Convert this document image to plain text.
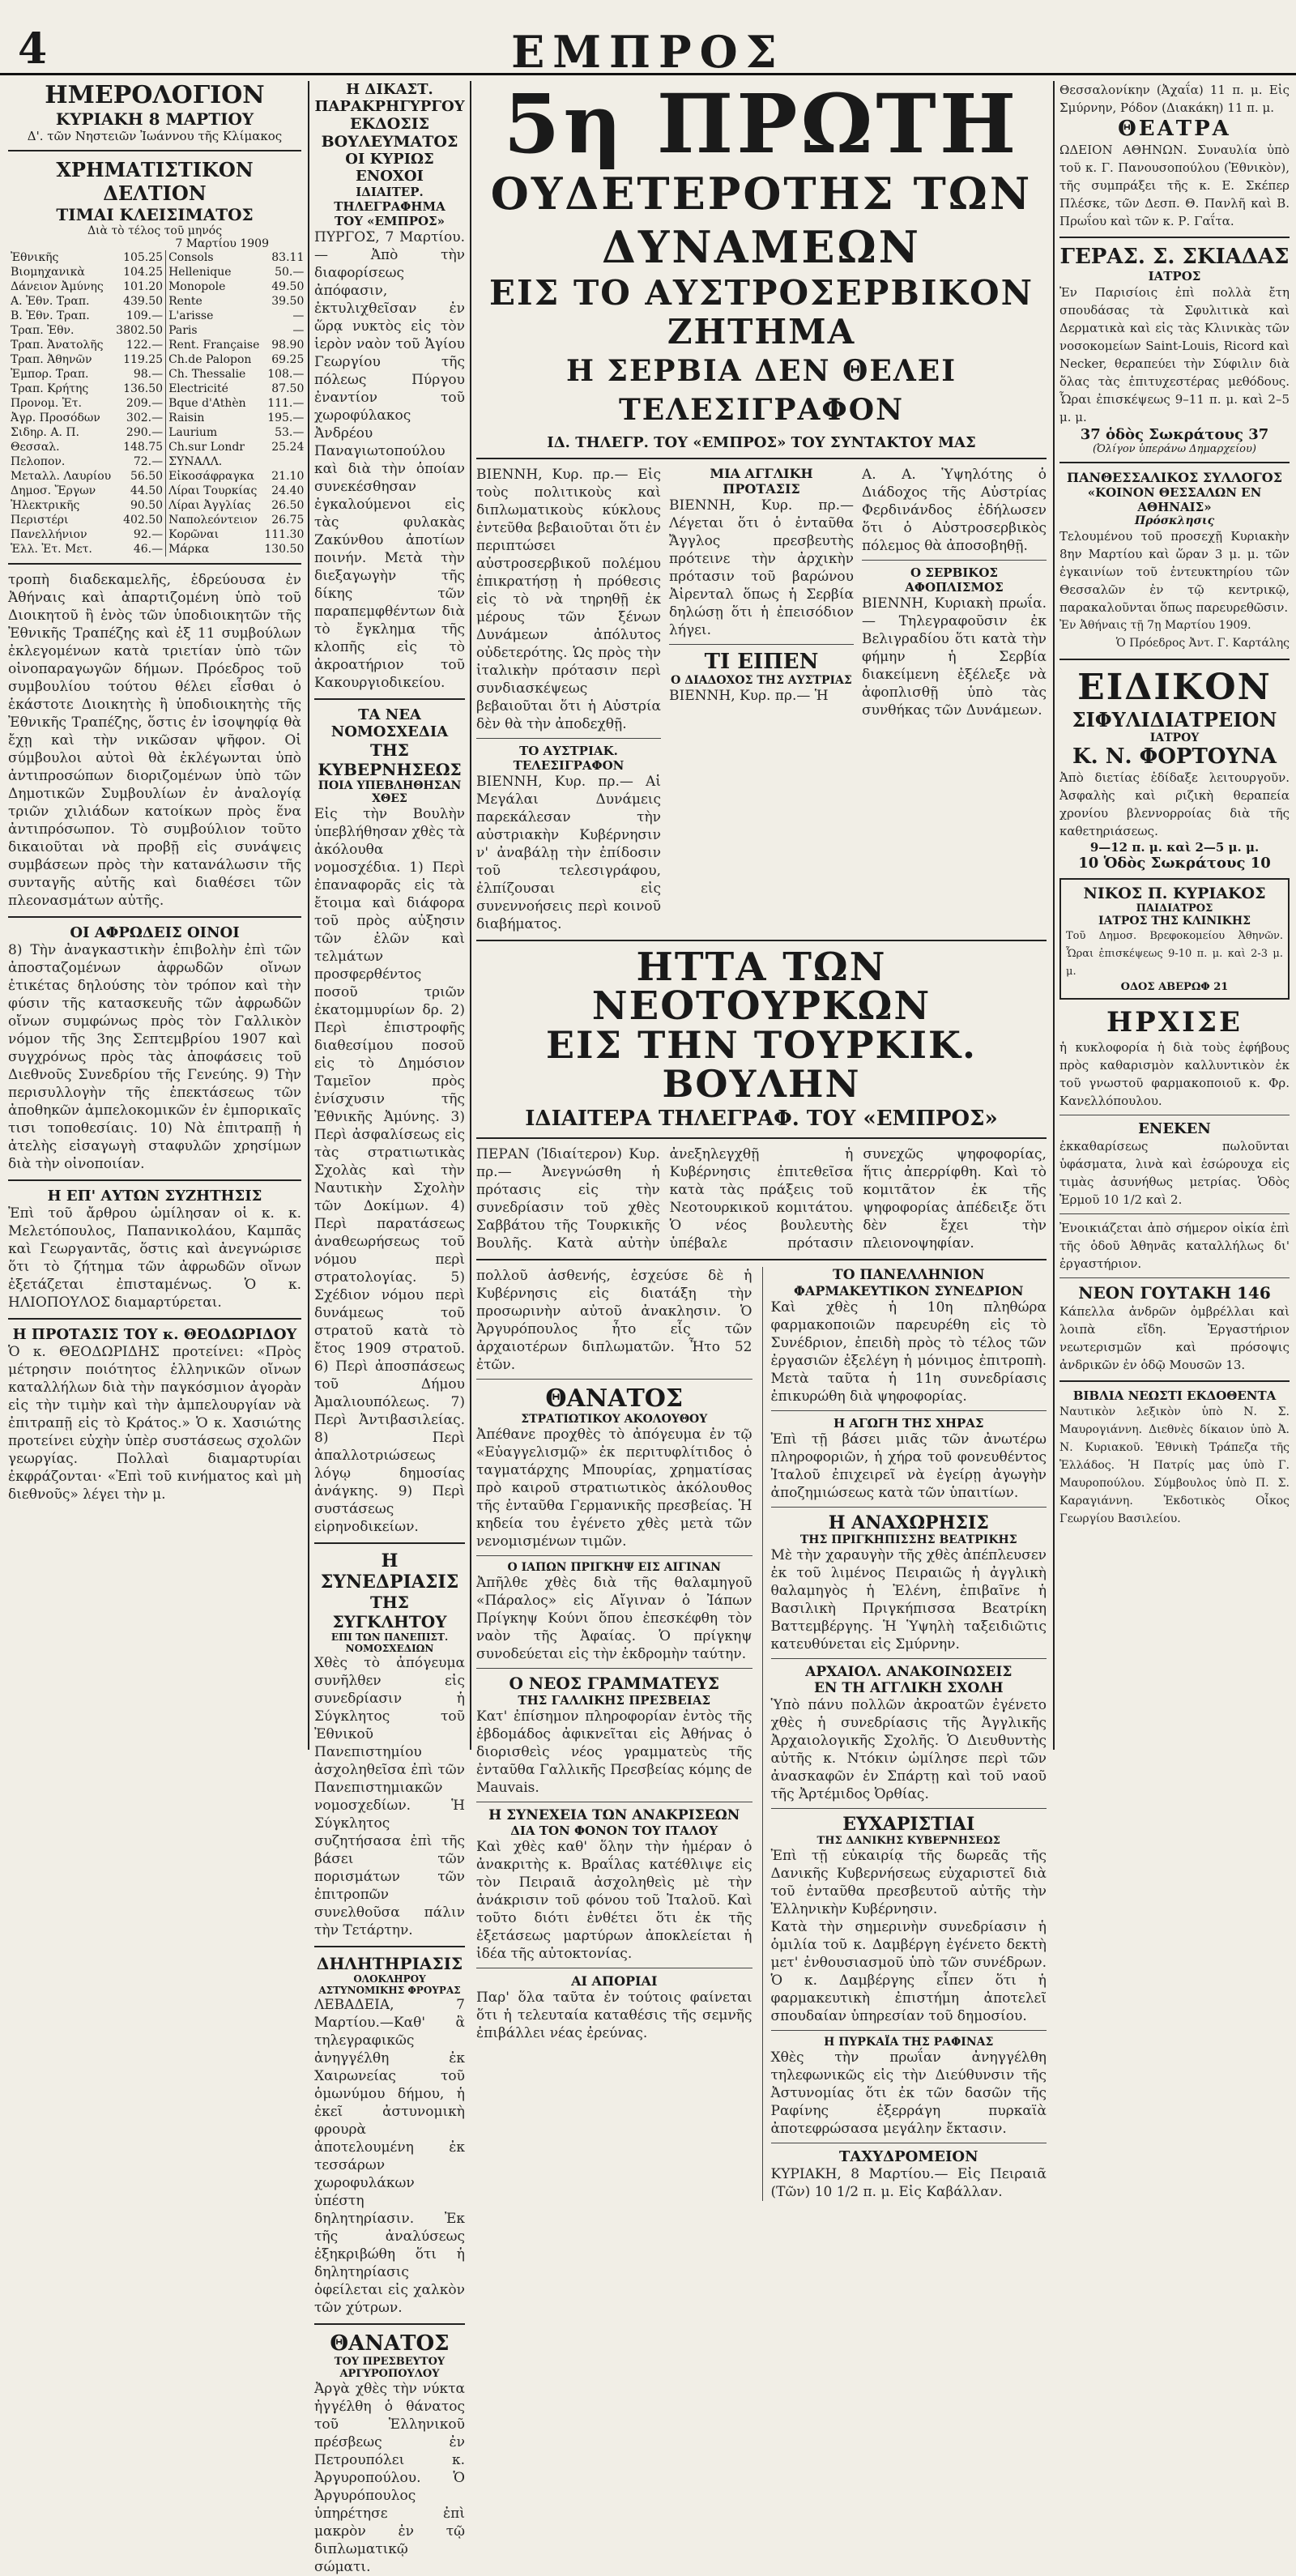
4	ΕΜΠΡΟΣ
ΗΜΕΡΟΛΟΓΙΟΝ
ΚΥΡΙΑΚΗ 8 ΜΑΡΤΙΟΥ
Δ'. τῶν Νηστειῶν Ἰωάννου τῆς Κλίμακος
ΧΡΗΜΑΤΙΣΤΙΚΟΝ ΔΕΛΤΙΟΝ
ΤΙΜΑΙ ΚΛΕΙΣΙΜΑΤΟΣ
Διὰ τὸ τέλος τοῦ μηνός
7 Μαρτίου 1909
Ἐθνικῆς	105.25	Consols	83.11
Βιομηχανικὰ	104.25	Hellenique	50.—
Δάνειον Ἀμύνης	101.20	Monopole	49.50
Α. Ἐθν. Τραπ.	439.50	Rente	39.50
Β. Ἐθν. Τραπ.	109.—	L'arisse	—
Τραπ. Ἐθν.	3802.50	Paris	—
Τραπ. Ἀνατολῆς	122.—	Rent. Française	98.90
Τραπ. Ἀθηνῶν	119.25	Ch.de Palopon	69.25
Ἐμπορ. Τραπ.	98.—	Ch. Thessalie	108.—
Τραπ. Κρήτης	136.50	Electricité	87.50
Προνομ. Ἐτ.	209.—	Bque d'Athèn	111.—
Ἀγρ. Προσόδων	302.—	Raisin	195.—
Σιδηρ. Α. Π.	290.—	Laurium	53.—
Θεσσαλ.	148.75	Ch.sur Londr	25.24
Πελοπον.	72.—	ΣΥΝΑΛΛ.	
Μεταλλ. Λαυρίου	56.50	Εἰκοσάφραγκα	21.10
Δημοσ. Ἔργων	44.50	Λίραι Τουρκίας	24.40
Ἠλεκτρικῆς	90.50	Λίραι Ἀγγλίας	26.50
Περιστέρι	402.50	Ναπολεόντειον	26.75
Πανελλήνιον	92.—	Κορῶναι	111.30
Ἑλλ. Ἐτ. Μετ.	46.—	Μάρκα	130.50
τροπὴ διαδεκαμελῆς, ἑδρεύουσα ἐν Ἀθήναις καὶ ἀπαρτιζομένη ὑπὸ τοῦ Διοικητοῦ ἢ ἑνὸς τῶν ὑποδιοικητῶν τῆς Ἐθνικῆς Τραπέζης καὶ ἐξ 11 συμβούλων ἐκλεγομένων κατὰ τριετίαν ὑπὸ τῶν οἰνοπαραγωγῶν δήμων. Πρόεδρος τοῦ συμβουλίου τούτου θέλει εἶσθαι ὁ ἑκάστοτε Διοικητὴς ἢ ὑποδιοικητὴς τῆς Ἐθνικῆς Τραπέζης, ὅστις ἐν ἰσοψηφίᾳ θὰ ἔχῃ καὶ τὴν νικῶσαν ψῆφον. Οἱ σύμβουλοι αὐτοὶ θὰ ἐκλέγωνται ὑπὸ ἀντιπροσώπων διοριζομένων ὑπὸ τῶν Δημοτικῶν Συμβουλίων ἐν ἀναλογίᾳ τριῶν χιλιάδων κατοίκων πρὸς ἕνα ἀντιπρόσωπον. Τὸ συμβούλιον τοῦτο δικαιοῦται νὰ προβῇ εἰς συνάψεις συμβάσεων πρὸς τὴν κατανάλωσιν τῆς συνταγῆς αὐτῆς καὶ διαθέσει τῶν πλεονασμάτων αὐτῆς.
ΟΙ ΑΦΡΩΔΕΙΣ ΟΙΝΟΙ
8) Τὴν ἀναγκαστικὴν ἐπιβολὴν ἐπὶ τῶν ἀποσταζομένων ἀφρωδῶν οἴνων ἐτικέτας δηλούσης τὸν τρόπον καὶ τὴν φύσιν τῆς κατασκευῆς τῶν ἀφρωδῶν οἴνων συμφώνως πρὸς τὸν Γαλλικὸν νόμον τῆς 3ης Σεπτεμβρίου 1907 καὶ συγχρόνως πρὸς τὰς ἀποφάσεις τοῦ Διεθνοῦς Συνεδρίου τῆς Γενεύης. 9) Τὴν περισυλλογὴν τῆς ἐπεκτάσεως τῶν ἀποθηκῶν ἀμπελοκομικῶν ἐν ἐμπορικαῖς τισι τοποθεσίαις. 10) Νὰ ἐπιτραπῇ ἡ ἀτελὴς εἰσαγωγὴ σταφυλῶν χρησίμων διὰ τὴν οἰνοποιίαν.
Η ΕΠ' ΑΥΤΩΝ ΣΥΖΗΤΗΣΙΣ
Ἐπὶ τοῦ ἄρθρου ὡμίλησαν οἱ κ. κ. Μελετόπουλος, Παπανικολάου, Καμπᾶς καὶ Γεωργαντᾶς, ὅστις καὶ ἀνεγνώρισε ὅτι τὸ ζήτημα τῶν ἀφρωδῶν οἴνων ἐξετάζεται ἐπισταμένως. Ὁ κ. ΗΛΙΟΠΟΥΛΟΣ διαμαρτύρεται.
Η ΠΡΟΤΑΣΙΣ ΤΟΥ κ. ΘΕΟΔΩΡΙΔΟΥ
Ὁ κ. ΘΕΟΔΩΡΙΔΗΣ προτείνει: «Πρὸς μέτρησιν ποιότητος ἑλληνικῶν οἴνων καταλλήλων διὰ τὴν παγκόσμιον ἀγορὰν εἰς τὴν τιμὴν καὶ τὴν ἀμπελουργίαν νὰ ἐπιτραπῇ εἰς τὸ Κράτος.» Ὁ κ. Χασιώτης προτείνει εὐχὴν ὑπὲρ συστάσεως σχολῶν γεωργίας. Πολλαὶ διαμαρτυρίαι ἐκφράζονται· «Ἐπὶ τοῦ κινήματος καὶ μὴ διεθνοῦς» λέγει τὴν μ.
Η ΔΙΚΑΣΤ. ΠΑΡΑΚΡΗΓΥΡΓΟΥ
ΕΚΔΟΣΙΣ ΒΟΥΛΕΥΜΑΤΟΣ
ΟΙ ΚΥΡΙΩΣ ΕΝΟΧΟΙ
ΙΔΙΑΙΤΕΡ. ΤΗΛΕΓΡΑΦΗΜΑ
ΤΟΥ «ΕΜΠΡΟΣ»
ΠΥΡΓΟΣ, 7 Μαρτίου.— Ἀπὸ τὴν διαφορίσεως ἀπόφασιν, ἐκτυλιχθεῖσαν ἐν ὥρᾳ νυκτὸς εἰς τὸν ἱερὸν ναὸν τοῦ Ἁγίου Γεωργίου τῆς πόλεως Πύργου ἐναντίον τοῦ χωροφύλακος Ἀνδρέου Παναγιωτοπούλου καὶ διὰ τὴν ὁποίαν συνεκέσθησαν ἐγκαλούμενοι εἰς τὰς φυλακὰς Ζακύνθου ἀποτίων ποινήν. Μετὰ τὴν διεξαγωγὴν τῆς δίκης τῶν παραπεμφθέντων διὰ τὸ ἔγκλημα τῆς κλοπῆς εἰς τὸ ἀκροατήριον τοῦ Κακουργιοδικείου.
ΤΑ ΝΕΑ ΝΟΜΟΣΧΕΔΙΑ
ΤΗΣ ΚΥΒΕΡΝΗΣΕΩΣ
ΠΟΙΑ ΥΠΕΒΛΗΘΗΣΑΝ ΧΘΕΣ
Εἰς τὴν Βουλὴν ὑπεβλήθησαν χθὲς τὰ ἀκόλουθα νομοσχέδια. 1) Περὶ ἐπαναφορᾶς εἰς τὰ ἔτοιμα καὶ διάφορα τοῦ πρὸς αὐξησιν τῶν ἐλῶν καὶ τελμάτων προσφερθέντος ποσοῦ τριῶν ἐκατομμυρίων δρ. 2) Περὶ ἐπιστροφῆς διαθεσίμου ποσοῦ εἰς τὸ Δημόσιον Ταμεῖον πρὸς ἐνίσχυσιν τῆς Ἐθνικῆς Ἀμύνης. 3) Περὶ ἀσφαλίσεως εἰς τὰς στρατιωτικὰς Σχολὰς καὶ τὴν Ναυτικὴν Σχολὴν τῶν Δοκίμων. 4) Περὶ παρατάσεως ἀναθεωρήσεως τοῦ νόμου περὶ στρατολογίας. 5) Σχέδιον νόμου περὶ δυνάμεως τοῦ στρατοῦ κατὰ τὸ ἔτος 1909 στρατοῦ. 6) Περὶ ἀποσπάσεως τοῦ Δήμου Ἀμαλιουπόλεως. 7) Περὶ Ἀντιβασιλείας. 8) Περὶ ἀπαλλοτριώσεως λόγῳ δημοσίας ἀνάγκης. 9) Περὶ συστάσεως εἰρηνοδικείων.
Η ΣΥΝΕΔΡΙΑΣΙΣ
ΤΗΣ ΣΥΓΚΛΗΤΟΥ
ΕΠΙ ΤΩΝ ΠΑΝΕΠΙΣΤ. ΝΟΜΟΣΧΕΔΙΩΝ
Χθὲς τὸ ἀπόγευμα συνῆλθεν εἰς συνεδρίασιν ἡ Σύγκλητος τοῦ Ἐθνικοῦ Πανεπιστημίου ἀσχοληθεῖσα ἐπὶ τῶν Πανεπιστημιακῶν νομοσχεδίων. Ἡ Σύγκλητος συζητήσασα ἐπὶ τῆς βάσει τῶν πορισμάτων τῶν ἐπιτροπῶν συνελθοῦσα πάλιν τὴν Τετάρτην.
ΔΗΛΗΤΗΡΙΑΣΙΣ
ΟΛΟΚΛΗΡΟΥ ΑΣΤΥΝΟΜΙΚΗΣ ΦΡΟΥΡΑΣ
ΛΕΒΑΔΕΙΑ, 7 Μαρτίου.—Καθ' ἃ τηλεγραφικῶς ἀνηγγέλθη ἐκ Χαιρωνείας τοῦ ὁμωνύμου δήμου, ἡ ἐκεῖ ἀστυνομικὴ φρουρὰ ἀποτελουμένη ἐκ τεσσάρων χωροφυλάκων ὑπέστη δηλητηρίασιν. Ἐκ τῆς ἀναλύσεως ἐξηκριβώθη ὅτι ἡ δηλητηρίασις ὀφείλεται εἰς χαλκὸν τῶν χύτρων.
ΘΑΝΑΤΟΣ
ΤΟΥ ΠΡΕΣΒΕΥΤΟΥ ΑΡΓΥΡΟΠΟΥΛΟΥ
Ἀργὰ χθὲς τὴν νύκτα ἠγγέλθη ὁ θάνατος τοῦ Ἑλληνικοῦ πρέσβεως ἐν Πετρουπόλει κ. Ἀργυροπούλου. Ὁ Ἀργυρόπουλος ὑπηρέτησε ἐπὶ μακρὸν ἐν τῷ διπλωματικῷ σώματι.
5η ΠΡΩΤΗ
ΟΥΔΕΤΕΡΟΤΗΣ ΤΩΝ ΔΥΝΑΜΕΩΝ
ΕΙΣ ΤΟ ΑΥΣΤΡΟΣΕΡΒΙΚΟΝ ΖΗΤΗΜΑ
Η ΣΕΡΒΙΑ ΔΕΝ ΘΕΛΕΙ ΤΕΛΕΣΙΓΡΑΦΟΝ
ΙΔ. ΤΗΛΕΓΡ. ΤΟΥ «ΕΜΠΡΟΣ» ΤΟΥ ΣΥΝΤΑΚΤΟΥ ΜΑΣ
ΒΙΕΝΝΗ, Κυρ. πρ.— Εἰς τοὺς πολιτικοὺς καὶ διπλωματικοὺς κύκλους ἐντεῦθα βεβαιοῦται ὅτι ἐν περιπτώσει αὐστροσερβικοῦ πολέμου ἐπικρατήσῃ ἡ πρόθεσις εἰς τὸ νὰ τηρηθῇ ἐκ μέρους τῶν ξένων Δυνάμεων ἀπόλυτος οὐδετερότης. Ὡς πρὸς τὴν ἰταλικὴν πρότασιν περὶ συνδιασκέψεως βεβαιοῦται ὅτι ἡ Αὐστρία δὲν θὰ τὴν ἀποδεχθῇ.
ΤΟ ΑΥΣΤΡΙΑΚ. ΤΕΛΕΣΙΓΡΑΦΟΝ
ΒΙΕΝΝΗ, Κυρ. πρ.— Αἱ Μεγάλαι Δυνάμεις παρεκάλεσαν τὴν αὐστριακὴν Κυβέρνησιν ν' ἀναβάλῃ τὴν ἐπίδοσιν τοῦ τελεσιγράφου, ἐλπίζουσαι εἰς συνεννοήσεις περὶ κοινοῦ διαβήματος.
ΜΙΑ ΑΓΓΛΙΚΗ ΠΡΟΤΑΣΙΣ
ΒΙΕΝΝΗ, Κυρ. πρ.— Λέγεται ὅτι ὁ ἐνταῦθα Ἄγγλος πρεσβευτὴς πρότεινε τὴν ἀρχικὴν πρότασιν τοῦ βαρώνου Ἀἰρενταλ ὅπως ἡ Σερβία δηλώσῃ ὅτι ἡ ἐπεισόδιον λήγει.
ΤΙ ΕΙΠΕΝ
Ο ΔΙΑΔΟΧΟΣ ΤΗΣ ΑΥΣΤΡΙΑΣ
ΒΙΕΝΝΗ, Κυρ. πρ.— Ἡ
Α. Α. Ὑψηλότης ὁ Διάδοχος τῆς Αὐστρίας Φερδινάνδος ἐδήλωσεν ὅτι ὁ Αὐστροσερβικὸς πόλεμος θὰ ἀποσοβηθῇ.
Ο ΣΕΡΒΙΚΟΣ ΑΦΟΠΛΙΣΜΟΣ
ΒΙΕΝΝΗ, Κυριακὴ πρωΐα.— Τηλεγραφοῦσιν ἐκ Βελιγραδίου ὅτι κατὰ τὴν φήμην ἡ Σερβία διακείμενη ἐξέλεξε νὰ ἀφοπλισθῇ ὑπὸ τὰς συνθήκας τῶν Δυνάμεων.
ΗΤΤΑ ΤΩΝ ΝΕΟΤΟΥΡΚΩΝ
ΕΙΣ ΤΗΝ ΤΟΥΡΚΙΚ. ΒΟΥΛΗΝ
ΙΔΙΑΙΤΕΡΑ ΤΗΛΕΓΡΑΦ. ΤΟΥ «ΕΜΠΡΟΣ»
ΠΕΡΑΝ (Ἰδιαίτερον) Κυρ. πρ.— Ἀνεγνώσθη ἡ πρότασις εἰς τὴν συνεδρίασιν τοῦ χθὲς Σαββάτου τῆς Τουρκικῆς Βουλῆς. Κατὰ αὐτὴν ἀνεξηλεγχθῇ ἡ Κυβέρνησις ἐπιτεθεῖσα κατὰ τὰς πράξεις τοῦ Νεοτουρκικοῦ κομιτάτου. Ὁ νέος βουλευτὴς ὑπέβαλε πρότασιν συνεχῶς ψηφοφορίας, ἥτις ἀπερρίφθη. Καὶ τὸ κομιτᾶτον ἐκ τῆς ψηφοφορίας ἀπέδειξε ὅτι δὲν ἔχει τὴν πλειονοψηφίαν.
πολλοῦ ἀσθενής, ἐσχεύσε δὲ ἡ Κυβέρνησις εἰς διατάξη τὴν προσωρινὴν αὐτοῦ ἀνακλησιν. Ὁ Ἀργυρόπουλος ἦτο εἷς τῶν ἀρχαιοτέρων διπλωματῶν. Ἦτο 52 ἐτῶν.
ΘΑΝΑΤΟΣ
ΣΤΡΑΤΙΩΤΙΚΟΥ ΑΚΟΛΟΥΘΟΥ
Ἀπέθανε προχθὲς τὸ ἀπόγευμα ἐν τῷ «Εὐαγγελισμῷ» ἐκ περιτυφλίτιδος ὁ ταγματάρχης Μπουρίας, χρηματίσας πρὸ καιροῦ στρατιωτικὸς ἀκόλουθος τῆς ἐνταῦθα Γερμανικῆς πρεσβείας. Ἡ κηδεία του ἐγένετο χθὲς μετὰ τῶν νενομισμένων τιμῶν.
Ο ΙΑΠΩΝ ΠΡΙΓΚΗΨ ΕΙΣ ΑΙΓΙΝΑΝ
Ἀπῆλθε χθὲς διὰ τῆς θαλαμηγοῦ «Πάραλος» εἰς Αἴγιναν ὁ Ἰάπων Πρίγκηψ Κούνι ὅπου ἐπεσκέφθη τὸν ναὸν τῆς Ἀφαίας. Ὁ πρίγκηψ συνοδεύεται εἰς τὴν ἐκδρομὴν ταύτην.
Ο ΝΕΟΣ ΓΡΑΜΜΑΤΕΥΣ
ΤΗΣ ΓΑΛΛΙΚΗΣ ΠΡΕΣΒΕΙΑΣ
Κατ' ἐπίσημον πληροφορίαν ἐντὸς τῆς ἑβδομάδος ἀφικνεῖται εἰς Ἀθήνας ὁ διορισθεὶς νέος γραμματεὺς τῆς ἐνταῦθα Γαλλικῆς Πρεσβείας κόμης de Mauvais.
Η ΣΥΝΕΧΕΙΑ ΤΩΝ ΑΝΑΚΡΙΣΕΩΝ
ΔΙΑ ΤΟΝ ΦΟΝΟΝ ΤΟΥ ΙΤΑΛΟΥ
Καὶ χθὲς καθ' ὅλην τὴν ἡμέραν ὁ ἀνακριτὴς κ. Βραΐλας κατέθλιψε εἰς τὸν Πειραιᾶ ἀσχοληθεὶς μὲ τὴν ἀνάκρισιν τοῦ φόνου τοῦ Ἰταλοῦ. Καὶ τοῦτο διότι ἐνθέτει ὅτι ἐκ τῆς ἐξετάσεως μαρτύρων ἀποκλείεται ἡ ἰδέα τῆς αὐτοκτονίας.
ΑΙ ΑΠΟΡΙΑΙ
Παρ' ὅλα ταῦτα ἐν τούτοις φαίνεται ὅτι ἡ τελευταία καταθέσις τῆς σεμνῆς ἐπιβάλλει νέας ἐρεύνας.
ΤΟ ΠΑΝΕΛΛΗΝΙΟΝ
ΦΑΡΜΑΚΕΥΤΙΚΟΝ ΣΥΝΕΔΡΙΟΝ
Καὶ χθὲς ἡ 10η πληθώρα φαρμακοποιῶν παρευρέθη εἰς τὸ Συνέδριον, ἐπειδὴ πρὸς τὸ τέλος τῶν ἐργασιῶν ἐξελέγη ἡ μόνιμος ἐπιτροπὴ. Μετὰ ταῦτα ἡ 11η συνεδρίασις ἐπικυρώθη διὰ ψηφοφορίας.
Η ΑΓΩΓΗ ΤΗΣ ΧΗΡΑΣ
Ἐπὶ τῇ βάσει μιᾶς τῶν ἀνωτέρω πληροφοριῶν, ἡ χήρα τοῦ φονευθέντος Ἰταλοῦ ἐπιχειρεῖ νὰ ἐγείρῃ ἀγωγὴν ἀποζημιώσεως κατὰ τῶν ὑπαιτίων.
Η ΑΝΑΧΩΡΗΣΙΣ
ΤΗΣ ΠΡΙΓΚΗΠΙΣΣΗΣ ΒΕΑΤΡΙΚΗΣ
Μὲ τὴν χαραυγὴν τῆς χθὲς ἀπέπλευσεν ἐκ τοῦ λιμένος Πειραιῶς ἡ ἀγγλικὴ θαλαμηγὸς ἡ Ἐλένη, ἐπιβαῖνε ἡ Βασιλικὴ Πριγκήπισσα Βεατρίκη Βαττεμβέργης. Ἡ Ὑψηλὴ ταξειδιῶτις κατευθύνεται εἰς Σμύρνην.
ΑΡΧΑΙΟΛ. ΑΝΑΚΟΙΝΩΣΕΙΣ
ΕΝ ΤΗ ΑΓΓΛΙΚΗ ΣΧΟΛΗ
Ὑπὸ πάνυ πολλῶν ἀκροατῶν ἐγένετο χθὲς ἡ συνεδρίασις τῆς Ἀγγλικῆς Ἀρχαιολογικῆς Σχολῆς. Ὁ Διευθυντὴς αὐτῆς κ. Ντόκιν ὡμίλησε περὶ τῶν ἀνασκαφῶν ἐν Σπάρτῃ καὶ τοῦ ναοῦ τῆς Ἀρτέμιδος Ὀρθίας.
ΕΥΧΑΡΙΣΤΙΑΙ
ΤΗΣ ΔΑΝΙΚΗΣ ΚΥΒΕΡΝΗΣΕΩΣ
Ἐπὶ τῇ εὐκαιρίᾳ τῆς δωρεᾶς τῆς Δανικῆς Κυβερνήσεως εὐχαριστεῖ διὰ τοῦ ἐνταῦθα πρεσβευτοῦ αὐτῆς τὴν Ἑλληνικὴν Κυβέρνησιν.
Κατὰ τὴν σημερινὴν συνεδρίασιν ἡ ὁμιλία τοῦ κ. Δαμβέργη ἐγένετο δεκτὴ μετ' ἐνθουσιασμοῦ ὑπὸ τῶν συνέδρων. Ὁ κ. Δαμβέργης εἶπεν ὅτι ἡ φαρμακευτικὴ ἐπιστήμη ἀποτελεῖ σπουδαίαν ὑπηρεσίαν τοῦ δημοσίου.
Η ΠΥΡΚΑΪΑ ΤΗΣ ΡΑΦΙΝΑΣ
Χθὲς τὴν πρωΐαν ἀνηγγέλθη τηλεφωνικῶς εἰς τὴν Διεύθυνσιν τῆς Ἀστυνομίας ὅτι ἐκ τῶν δασῶν τῆς Ραφίνης ἐξερράγη πυρκαϊὰ ἀποτεφρώσασα μεγάλην ἔκτασιν.
ΤΑΧΥΔΡΟΜΕΙΟΝ
ΚΥΡΙΑΚΗ, 8 Μαρτίου.— Εἰς Πειραιᾶ (Τῶν) 10 1/2 π. μ. Εἰς Καβάλλαν.
Θεσσαλονίκην (Ἀχαΐα) 11 π. μ. Εἰς Σμύρνην, Ρόδον (Διακάκη) 11 π. μ.
ΘΕΑΤΡΑ
ΩΔΕΙΟΝ ΑΘΗΝΩΝ. Συναυλία ὑπὸ τοῦ κ. Γ. Πανουσοπούλου (Ἐθνικὸν), τῆς συμπράξει τῆς κ. Ε. Σκέπερ Πλέσκε, τῶν Δεσπ. Θ. Πανλῆ καὶ Β. Πρωΐου καὶ τῶν κ. Ρ. Γαΐτα.
ΓΕΡΑΣ. Σ. ΣΚΙΑΔΑΣ
ΙΑΤΡΟΣ
Ἐν Παρισίοις ἐπὶ πολλὰ ἔτη σπουδάσας τὰ Σφυλιτικὰ καὶ Δερματικὰ καὶ εἰς τὰς Κλινικὰς τῶν νοσοκομείων Saint-Louis, Ricord καὶ Necker, θεραπεύει τὴν Σύφιλιν διὰ ὅλας τὰς ἐπιτυχεστέρας μεθόδους. Ὧραι ἐπισκέψεως 9–11 π. μ. καὶ 2–5 μ. μ.
37 ὁδὸς Σωκράτους 37
(Ὀλίγον ὑπεράνω Δημαρχείου)
ΠΑΝΘΕΣΣΑΛΙΚΟΣ ΣΥΛΛΟΓΟΣ
«ΚΟΙΝΟΝ ΘΕΣΣΑΛΩΝ ΕΝ ΑΘΗΝΑΙΣ»
Πρόσκλησις
Τελουμένου τοῦ προσεχῇ Κυριακὴν 8ην Μαρτίου καὶ ὥραν 3 μ. μ. τῶν ἐγκαινίων τοῦ ἐντευκτηρίου τῶν Θεσσαλῶν ἐν τῷ κεντρικῷ, παρακαλοῦνται ὅπως παρευρεθῶσιν.
Ἐν Ἀθήναις τῇ 7ῃ Μαρτίου 1909.
Ὁ Πρόεδρος Ἀντ. Γ. Καρτάλης
ΕΙΔΙΚΟΝ
ΣΙΦΥΛΙΔΙΑΤΡΕΙΟΝ
ΙΑΤΡΟΥ
Κ. Ν. ΦΟΡΤΟΥΝΑ
Ἀπὸ διετίας ἐδίδαξε λειτουργοῦν. Ἀσφαλὴς καὶ ριζικὴ θεραπεία χρονίου βλεννορροίας διὰ τῆς καθετηριάσεως.
9—12 π. μ. καὶ 2—5 μ. μ.
10 Ὁδὸς Σωκράτους 10
ΝΙΚΟΣ Π. ΚΥΡΙΑΚΟΣ
ΠΑΙΔΙΑΤΡΟΣ
ΙΑΤΡΟΣ ΤΗΣ ΚΛΙΝΙΚΗΣ
Τοῦ Δημοσ. Βρεφοκομείου Ἀθηνῶν. Ὧραι ἐπισκέψεως 9-10 π. μ. καὶ 2-3 μ. μ.
ΟΔΟΣ ΑΒΕΡΩΦ 21
ΗΡΧΙΣΕ
ἡ κυκλοφορία ἡ διὰ τοὺς ἐφήβους πρὸς καθαρισμὸν καλλυντικὸν ἐκ τοῦ γνωστοῦ φαρμακοποιοῦ κ. Φρ. Κανελλόπουλου.
ΕΝΕΚΕΝ
ἐκκαθαρίσεως πωλοῦνται ὑφάσματα, λινὰ καὶ ἐσώρουχα εἰς τιμὰς ἀσυνήθως μετρίας. Ὁδὸς Ἑρμοῦ 10 1/2 καὶ 2.
Ἐνοικιάζεται ἀπὸ σήμερον οἰκία ἐπὶ τῆς ὁδοῦ Ἀθηνᾶς καταλλήλως δι' ἐργαστήριον.
ΝΕΟΝ ΓΟΥΤΑΚΗ 146
Κάπελλα ἀνδρῶν ὀμβρέλλαι καὶ λοιπὰ εἴδη. Ἐργαστήριον νεωτερισμῶν καὶ πρόσοψις ἀνδρικῶν ἐν ὁδῷ Μουσῶν 13.
ΒΙΒΛΙΑ ΝΕΩΣΤΙ ΕΚΔΟΘΕΝΤΑ
Ναυτικὸν λεξικὸν ὑπὸ Ν. Σ. Μαυρογιάννη. Διεθνὲς δίκαιον ὑπὸ Ἀ. Ν. Κυριακοῦ. Ἐθνικὴ Τράπεζα τῆς Ἑλλάδος. Ἡ Πατρίς μας ὑπὸ Γ. Μαυροπούλου. Σύμβουλος ὑπὸ Π. Σ. Καραγιάννη. Ἐκδοτικὸς Οἶκος Γεωργίου Βασιλείου.
